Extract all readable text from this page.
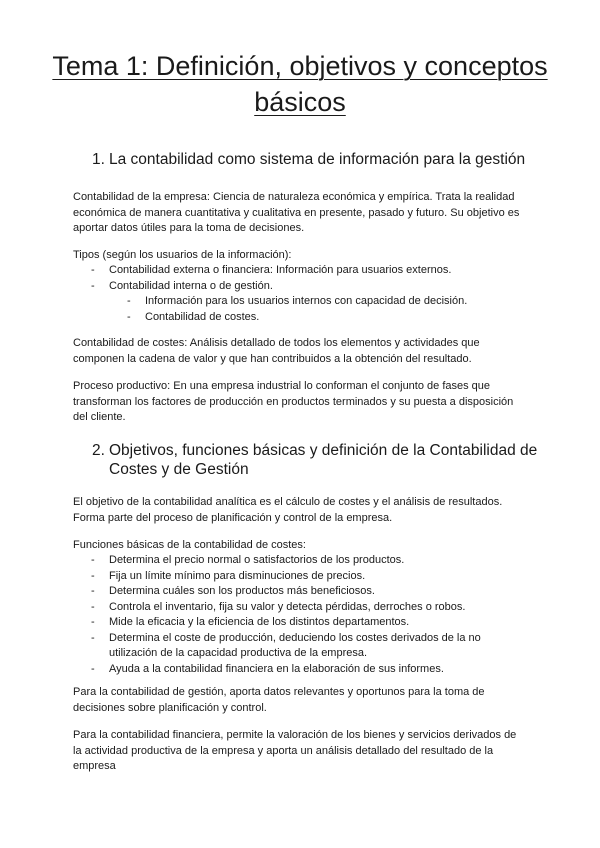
Tema 1: Definición, objetivos y conceptos básicos
1. La contabilidad como sistema de información para la gestión

Contabilidad de la empresa: Ciencia de naturaleza económica y empírica. Trata la realidad económica de manera cuantitativa y cualitativa en presente, pasado y futuro. Su objetivo es aportar datos útiles para la toma de decisiones.

Tipos (según los usuarios de la información):

- Contabilidad externa o financiera: Información para usuarios externos.
- Contabilidad interna o de gestión.
- Información para los usuarios internos con capacidad de decisión.
- Contabilidad de costes.

Contabilidad de costes: Análisis detallado de todos los elementos y actividades que componen la cadena de valor y que han contribuidos a la obtención del resultado.

Proceso productivo: En una empresa industrial lo conforman el conjunto de fases que transforman los factores de producción en productos terminados y su puesta a disposición del cliente.

2. Objetivos, funciones básicas y definición de la Contabilidad de
Costes y de Gestión

El objetivo de la contabilidad analítica es el cálculo de costes y el análisis de resultados. Forma parte del proceso de planificación y control de la empresa.

Funciones básicas de la contabilidad de costes:

- Determina el precio normal o satisfactorios de los productos.
- Fija un límite mínimo para disminuciones de precios.
- Determina cuáles son los productos más beneficiosos.
- Controla el inventario, fija su valor y detecta pérdidas, derroches o robos.
- Mide la eficacia y la eficiencia de los distintos departamentos.
- Determina el coste de producción, deduciendo los costes derivados de la no utilización de la capacidad productiva de la empresa.
- Ayuda a la contabilidad financiera en la elaboración de sus informes.

Para la contabilidad de gestión, aporta datos relevantes y oportunos para la toma de decisiones sobre planificación y control.

Para la contabilidad financiera, permite la valoración de los bienes y servicios derivados de la actividad productiva de la empresa y aporta un análisis detallado del resultado de la empresa
